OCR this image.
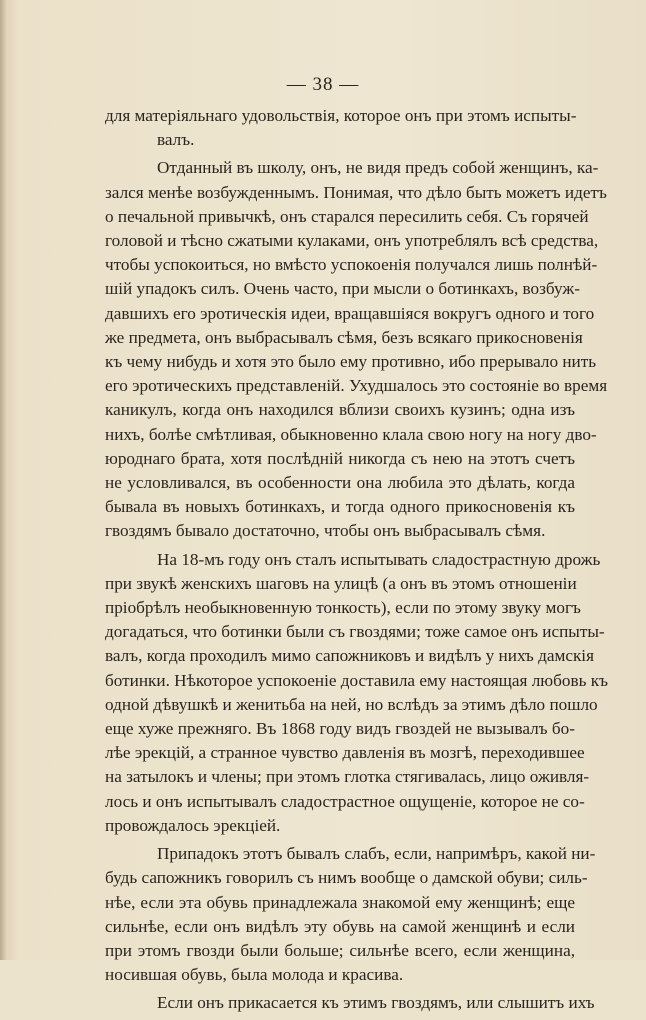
— 38 —

для матеріяльнаго удовольствія, которое онъ при этомъ испыты-
валъ.

Отданный въ школу, онъ, не видя предъ собой женщинъ, ка-
зался менѣе возбужденнымъ. Понимая, что дѣло быть можетъ идетъ
о печальной привычкѣ, онъ старался пересилить себя. Съ горячей
головой и тѣсно сжатыми кулаками, онъ употреблялъ всѣ средства,
чтобы успокоиться, но вмѣсто успокоенія получался лишь полнѣй-
шій упадокъ силъ. Очень часто, при мысли о ботинкахъ, возбуж-
давшихъ его эротическія идеи, вращавшіяся вокругъ одного и того
же предмета, онъ выбрасывалъ сѣмя, безъ всякаго прикосновенія
къ чему нибудь и хотя это было ему противно, ибо прерывало нить
его эротическихъ представленій. Ухудшалось это состояніе во время
каникулъ, когда онъ находился вблизи своихъ кузинъ; одна изъ
нихъ, болѣе смѣтливая, обыкновенно клала свою ногу на ногу дво-
юроднаго брата, хотя послѣдній никогда съ нею на этотъ счетъ
не условливался, въ особенности она любила это дѣлать, когда
бывала въ новыхъ ботинкахъ, и тогда одного прикосновенія къ
гвоздямъ бывало достаточно, чтобы онъ выбрасывалъ сѣмя.

На 18-мъ году онъ сталъ испытывать сладострастную дрожь
при звукѣ женскихъ шаговъ на улицѣ (а онъ въ этомъ отношеніи
пріобрѣлъ необыкновенную тонкость), если по этому звуку могъ
догадаться, что ботинки были съ гвоздями; тоже самое онъ испыты-
валъ, когда проходилъ мимо сапожниковъ и видѣлъ у нихъ дамскія
ботинки. Нѣкоторое успокоеніе доставила ему настоящая любовь къ
одной дѣвушкѣ и женитьба на ней, но вслѣдъ за этимъ дѣло пошло
еще хуже прежняго. Въ 1868 году видъ гвоздей не вызывалъ бо-
лѣе эрекцій, а странное чувство давленія въ мозгѣ, переходившее
на затылокъ и члены; при этомъ глотка стягивалась, лицо оживля-
лось и онъ испытывалъ сладострастное ощущеніе, которое не со-
провождалось эрекціей.

Припадокъ этотъ бывалъ слабъ, если, напримѣръ, какой ни-
будь сапожникъ говорилъ съ нимъ вообще о дамской обуви; силь-
нѣе, если эта обувь принадлежала знакомой ему женщинѣ; еще
сильнѣе, если онъ видѣлъ эту обувь на самой женщинѣ и если
при этомъ гвозди были больше; сильнѣе всего, если женщина,
носившая обувь, была молода и красива.

Если онъ прикасается къ этимъ гвоздямъ, или слышитъ ихъ
